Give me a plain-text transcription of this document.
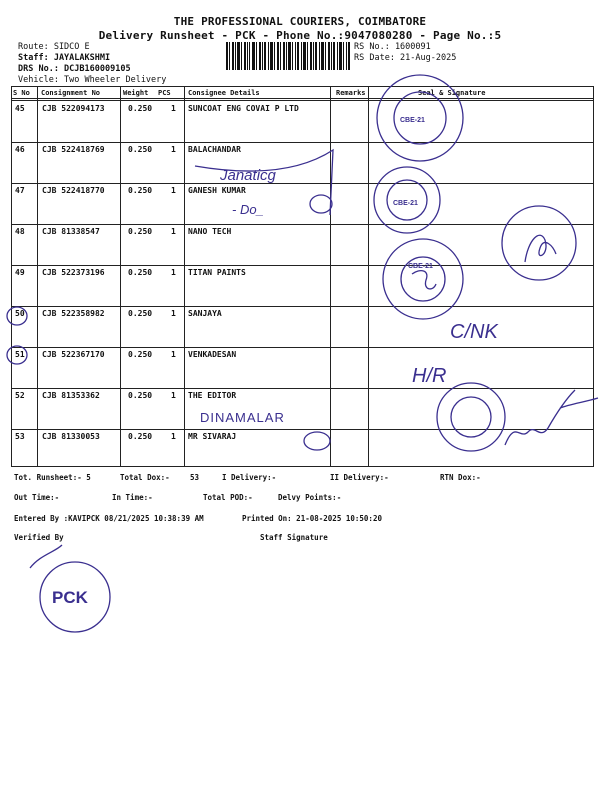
THE PROFESSIONAL COURIERS, COIMBATORE
Delivery Runsheet - PCK - Phone No.:9047080280 - Page No.:5
Route: SIDCO E
Staff: JAYALAKSHMI
DRS No.: DCJB160009105
RS No.: 1600091
RS Date: 21-Aug-2025
Vehicle: Two Wheeler Delivery
S No Consignment No	Weight PCS Consignee Details	Remarks	Seal & Signature
45 CJB 522094173	0.250 1 SUNCOAT ENG COVAI P LTD
46 CJB 522418769	0.250 1 BALACHANDAR
47 CJB 522418770	0.250 1 GANESH KUMAR
48 CJB 81338547	0.250 1 NANO TECH
49 CJB 522373196	0.250 1 TITAN PAINTS
50 CJB 522358982	0.250 1 SANJAYA
51 CJB 522367170	0.250 1 VENKADESAN
52 CJB 81353362	0.250 1 THE EDITOR
53 CJB 81330053	0.250 1 MR SIVARAJ
Janaticg
- Do_
C/NK
H/R
DINAMALAR
CBE-21
CBE-21
CBE-21
PCK
Tot. Runsheet:- 5	Total Dox:-	53	I Delivery:-	II Delivery:-	RTN Dox:-
Out Time:-	In Time:-	Total POD:-	Delvy Points:-
Entered By :KAVIPCK 08/21/2025 10:38:39 AM	Printed On: 21-08-2025 10:50:20
Verified By	Staff Signature
